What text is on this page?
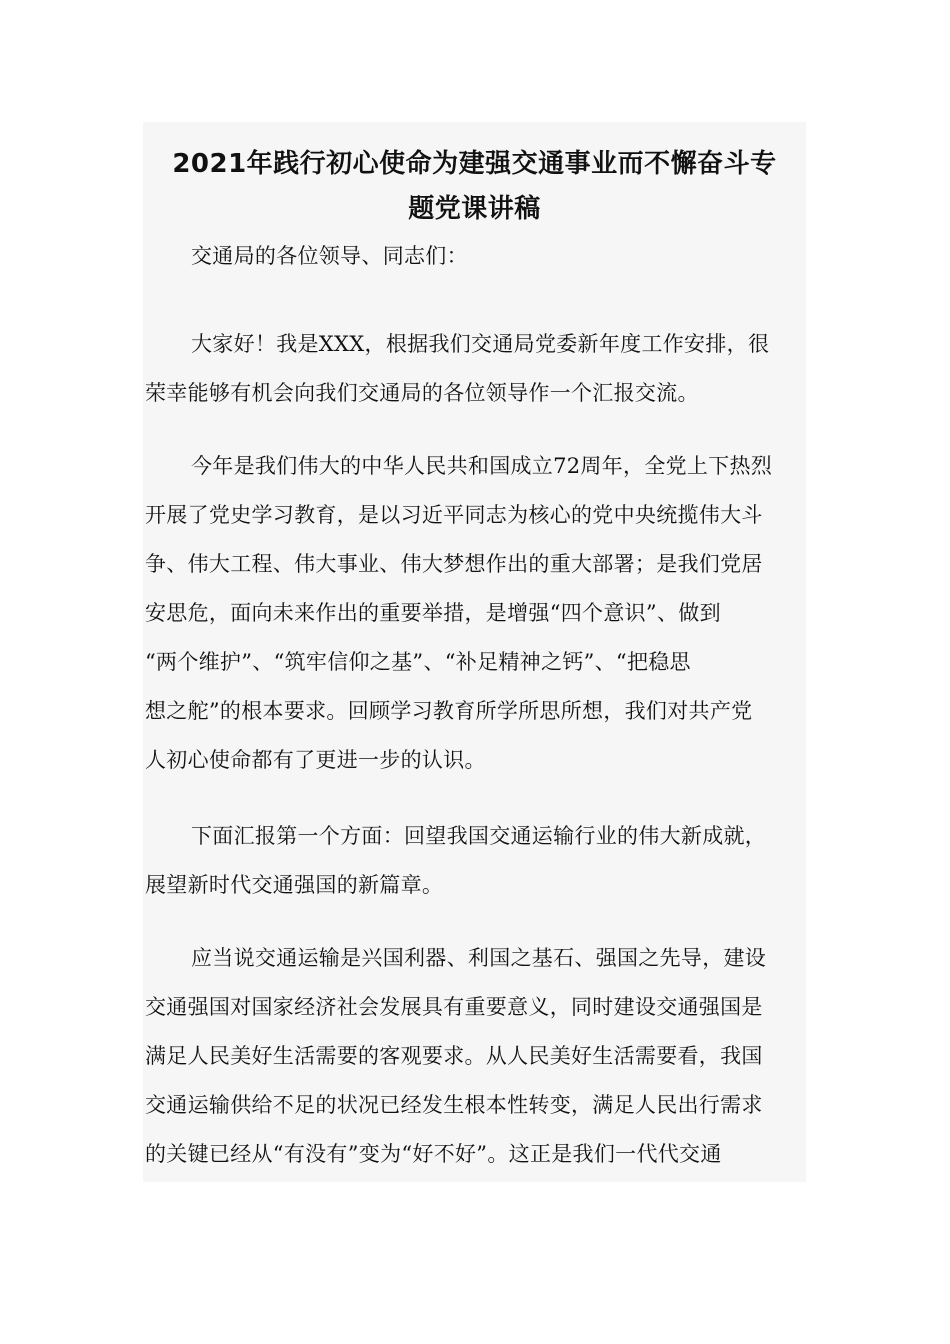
2021年践行初心使命为建强交通事业而不懈奋斗专
题党课讲稿

交通局的各位领导、同志们：

大家好！我是XXX，根据我们交通局党委新年度工作安排，很
荣幸能够有机会向我们交通局的各位领导作一个汇报交流。

今年是我们伟大的中华人民共和国成立72周年，全党上下热烈
开展了党史学习教育，是以习近平同志为核心的党中央统揽伟大斗
争、伟大工程、伟大事业、伟大梦想作出的重大部署；是我们党居
安思危，面向未来作出的重要举措，是增强“四个意识”、做到
“两个维护”、“筑牢信仰之基”、“补足精神之钙”、“把稳思
想之舵”的根本要求。回顾学习教育所学所思所想，我们对共产党
人初心使命都有了更进一步的认识。

下面汇报第一个方面：回望我国交通运输行业的伟大新成就，
展望新时代交通强国的新篇章。

应当说交通运输是兴国利器、利国之基石、强国之先导，建设
交通强国对国家经济社会发展具有重要意义，同时建设交通强国是
满足人民美好生活需要的客观要求。从人民美好生活需要看，我国
交通运输供给不足的状况已经发生根本性转变，满足人民出行需求
的关键已经从“有没有”变为“好不好”。这正是我们一代代交通
